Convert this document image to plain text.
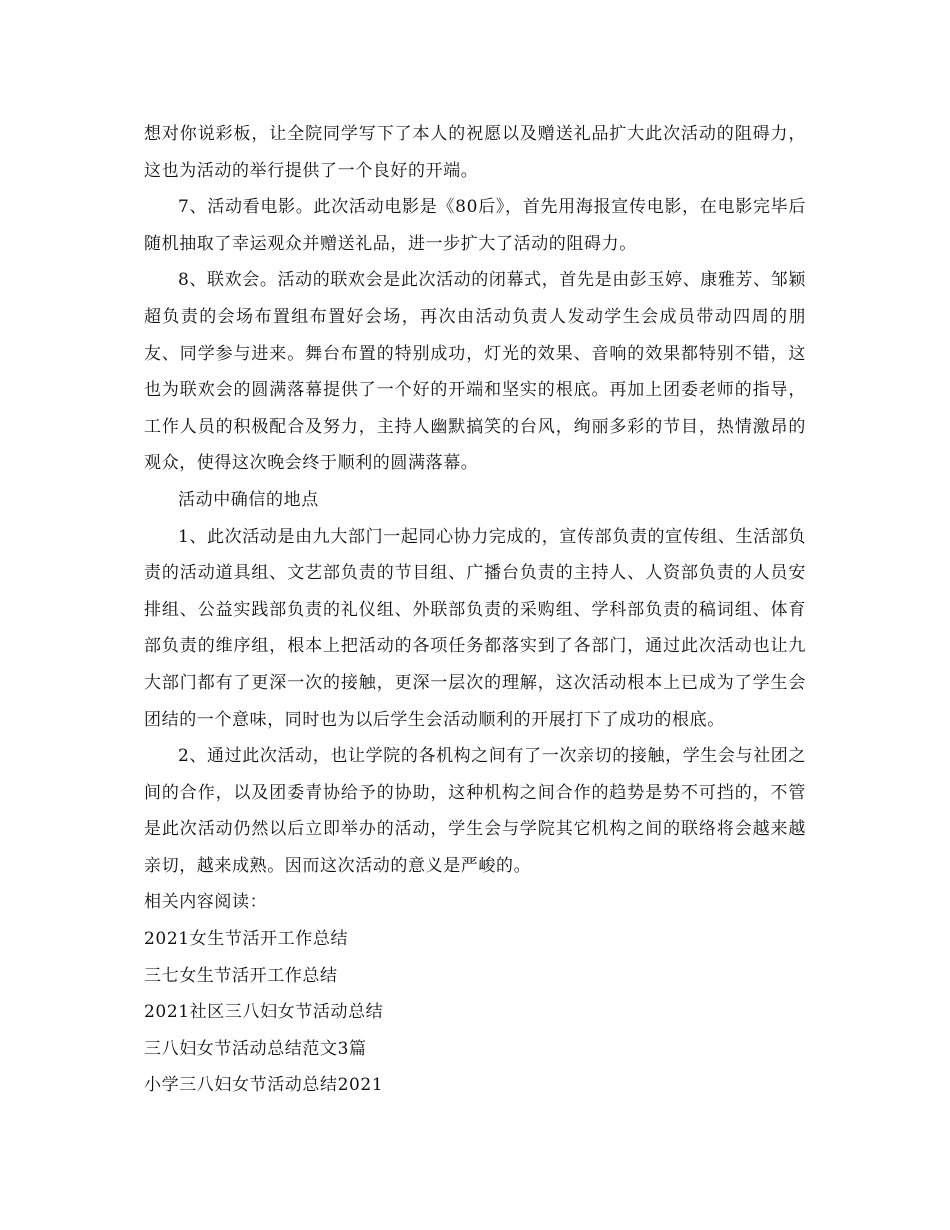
想对你说彩板，让全院同学写下了本人的祝愿以及赠送礼品扩大此次活动的阻碍力，这也为活动的举行提供了一个良好的开端。

7、活动看电影。此次活动电影是《80后》，首先用海报宣传电影，在电影完毕后随机抽取了幸运观众并赠送礼品，进一步扩大了活动的阻碍力。

8、联欢会。活动的联欢会是此次活动的闭幕式，首先是由彭玉婷、康雅芳、邹颖超负责的会场布置组布置好会场，再次由活动负责人发动学生会成员带动四周的朋友、同学参与进来。舞台布置的特别成功，灯光的效果、音响的效果都特别不错，这也为联欢会的圆满落幕提供了一个好的开端和坚实的根底。再加上团委老师的指导，工作人员的积极配合及努力，主持人幽默搞笑的台风，绚丽多彩的节目，热情激昂的观众，使得这次晚会终于顺利的圆满落幕。

活动中确信的地点

1、此次活动是由九大部门一起同心协力完成的，宣传部负责的宣传组、生活部负责的活动道具组、文艺部负责的节目组、广播台负责的主持人、人资部负责的人员安排组、公益实践部负责的礼仪组、外联部负责的采购组、学科部负责的稿词组、体育部负责的维序组，根本上把活动的各项任务都落实到了各部门，通过此次活动也让九大部门都有了更深一次的接触，更深一层次的理解，这次活动根本上已成为了学生会团结的一个意味，同时也为以后学生会活动顺利的开展打下了成功的根底。

2、通过此次活动，也让学院的各机构之间有了一次亲切的接触，学生会与社团之间的合作，以及团委青协给予的协助，这种机构之间合作的趋势是势不可挡的，不管是此次活动仍然以后立即举办的活动，学生会与学院其它机构之间的联络将会越来越亲切，越来成熟。因而这次活动的意义是严峻的。

相关内容阅读：

2021女生节活开工作总结
三七女生节活开工作总结
2021社区三八妇女节活动总结
三八妇女节活动总结范文3篇
小学三八妇女节活动总结2021
